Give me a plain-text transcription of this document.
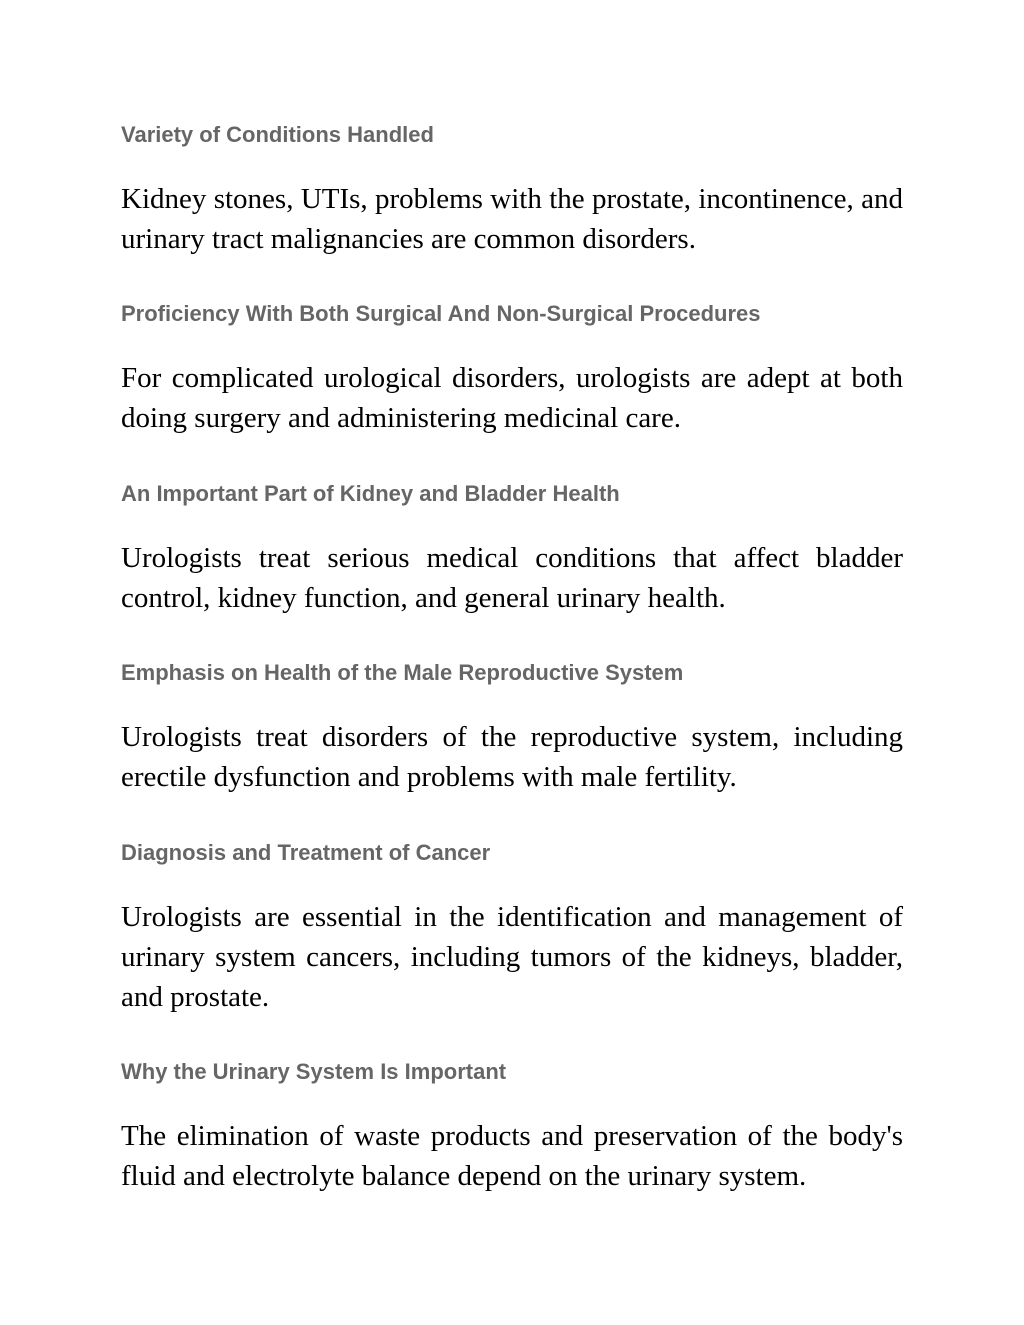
Variety of Conditions Handled

Kidney stones, UTIs, problems with the prostate, incontinence, and urinary tract malignancies are common disorders.

Proficiency With Both Surgical And Non-Surgical Procedures

For complicated urological disorders, urologists are adept at both doing surgery and administering medicinal care.

An Important Part of Kidney and Bladder Health

Urologists treat serious medical conditions that affect bladder control, kidney function, and general urinary health.

Emphasis on Health of the Male Reproductive System

Urologists treat disorders of the reproductive system, including erectile dysfunction and problems with male fertility.

Diagnosis and Treatment of Cancer

Urologists are essential in the identification and management of urinary system cancers, including tumors of the kidneys, bladder, and prostate.

Why the Urinary System Is Important

The elimination of waste products and preservation of the body's fluid and electrolyte balance depend on the urinary system.
